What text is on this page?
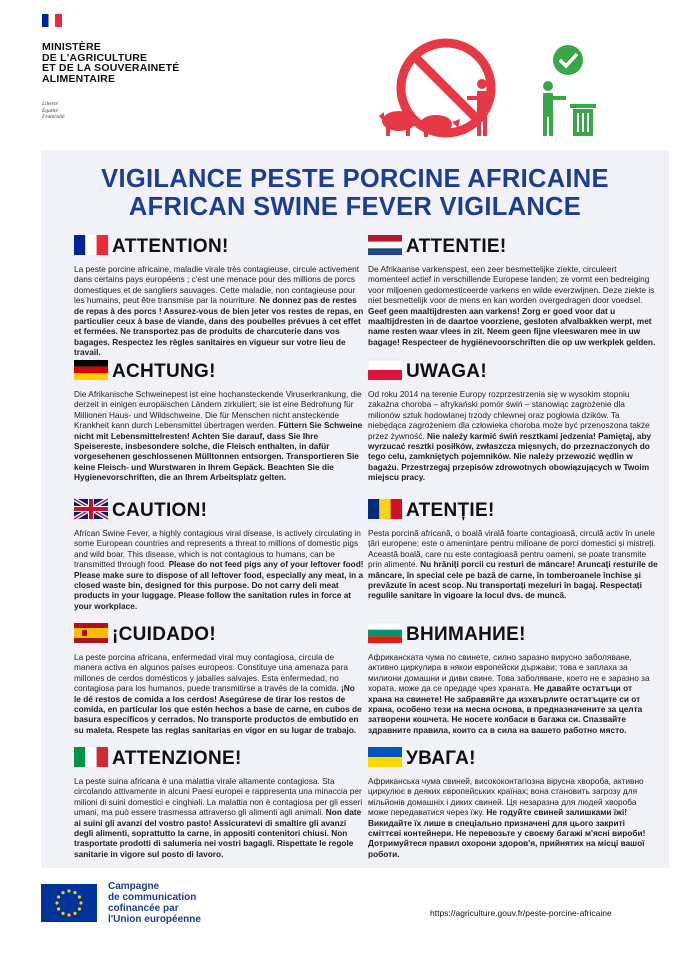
MINISTÈRE
DE L'AGRICULTURE
ET DE LA SOUVERAINETÉ
ALIMENTAIRE
Liberté
Égalité
Fraternité
VIGILANCE PESTE PORCINE AFRICAINE
AFRICAN SWINE FEVER VIGILANCE
ATTENTION!
La peste porcine africaine, maladie virale très contagieuse, circule activement dans certains pays européens ; c'est une menace pour des millions de porcs domestiques et de sangliers sauvages. Cette maladie, non contagieuse pour les humains, peut être transmise par la nourriture. Ne donnez pas de restes de repas à des porcs ! Assurez-vous de bien jeter vos restes de repas, en particulier ceux à base de viande, dans des poubelles prévues à cet effet et fermées. Ne transportez pas de produits de charcuterie dans vos bagages. Respectez les règles sanitaires en vigueur sur votre lieu de travail.
ATTENTIE!
De Afrikaanse varkenspest, een zeer besmettelijke ziekte, circuleert momenteel actief in verschillende Europese landen; ze vormt een bedreiging voor miljoenen gedomesticeerde varkens en wilde everzwijnen. Deze ziekte is niet besmettelijk voor de mens en kan worden overgedragen door voedsel. Geef geen maaltijdresten aan varkens! Zorg er goed voor dat u maaltijdresten in de daartoe voorziene, gesloten afvalbakken werpt, met name resten waar vlees in zit. Neem geen fijne vleeswaren mee in uw bagage! Respecteer de hygiënevoorschriften die op uw werkplek gelden.
ACHTUNG!
Die Afrikanische Schweinepest ist eine hochansteckende Viruserkrankung, die derzeit in einigen europäischen Ländern zirkuliert; sie ist eine Bedrohung für Millionen Haus- und Wildschweine. Die für Menschen nicht ansteckende Krankheit kann durch Lebensmittel übertragen werden. Füttern Sie Schweine nicht mit Lebensmittelresten! Achten Sie darauf, dass Sie Ihre Speisereste, insbesondere solche, die Fleisch enthalten, in dafür vorgesehenen geschlossenen Mülltonnen entsorgen. Transportieren Sie keine Fleisch- und Wurstwaren in Ihrem Gepäck. Beachten Sie die Hygienevorschriften, die an Ihrem Arbeitsplatz gelten.
UWAGA!
Od roku 2014 na terenie Europy rozprzestrzenia się w wysokim stopniu zakaźna choroba – afrykański pomór świń – stanowiąc zagrożenie dla milionów sztuk hodowlanej trzody chlewnej oraz pogłowia dzików. Ta niebędąca zagrożeniem dla człowieka choroba może być przenoszona także przez żywność. Nie należy karmić świń resztkami jedzenia! Pamiętaj, aby wyrzucać resztki posiłków, zwłaszcza mięsnych, do przeznaczonych do tego celu, zamkniętych pojemników. Nie należy przewozić wędlin w bagażu. Przestrzegaj przepisów zdrowotnych obowiązujących w Twoim miejscu pracy.
CAUTION!
African Swine Fever, a highly contagious viral disease, is actively circulating in some European countries and represents a threat to millions of domestic pigs and wild boar. This disease, which is not contagious to humans, can be transmitted through food. Please do not feed pigs any of your leftover food! Please make sure to dispose of all leftover food, especially any meat, in a closed waste bin, designed for this purpose. Do not carry deli meat products in your luggage. Please follow the sanitation rules in force at your workplace.
ATENȚIE!
Pesta porcină africană, o boală virală foarte contagioasă, circulă activ în unele țări europene; este o amenințare pentru milioane de porci domestici și mistreți. Această boală, care nu este contagioasă pentru oameni, se poate transmite prin alimente. Nu hrăniți porcii cu resturi de mâncare! Aruncați resturile de mâncare, în special cele pe bază de carne, în tomberoanele închise și prevăzute în acest scop. Nu transportați mezeluri în bagaj. Respectați regulile sanitare în vigoare la locul dvs. de muncă.
¡CUIDADO!
La peste porcina africana, enfermedad viral muy contagiosa, circula de manera activa en algunos países europeos. Constituye una amenaza para millones de cerdos domésticos y jabalíes salvajes. Esta enfermedad, no contagiosa para los humanos, puede transmitirse a través de la comida. ¡No le dé restos de comida a los cerdos! Asegúrese de tirar los restos de comida, en particular los que estén hechos a base de carne, en cubos de basura específicos y cerrados. No transporte productos de embutido en su maleta. Respete las reglas sanitarias en vigor en su lugar de trabajo.
ВНИМАНИЕ!
Африканската чума по свинете, силно заразно вирусно заболяване, активно циркулира в някои европейски държави; това е заплаха за милиони домашни и диви свине. Това заболяване, което не е заразно за хората, може да се предаде чрез храната. Не давайте остатъци от храна на свинете! Не забравяйте да изхвърлите остатъците си от храна, особено тези на месна основа, в предназначените за целта затворени кошчета. Не носете колбаси в багажа си. Спазвайте здравните правила, които са в сила на вашето работно място.
ATTENZIONE!
La peste suina africana è una malattia virale altamente contagiosa. Sta circolando attivamente in alcuni Paesi europei e rappresenta una minaccia per milioni di suini domestici e cinghiali. La malattia non è contagiosa per gli esseri umani, ma può essere trasmessa attraverso gli alimenti agli animali. Non date ai suini gli avanzi del vostro pasto! Assicuratevi di smaltire gli avanzi degli alimenti, soprattutto la carne, in appositi contenitori chiusi. Non trasportate prodotti di salumeria nei vostri bagagli. Rispettate le regole sanitarie in vigore sul posto di lavoro.
УВАГА!
Африканська чума свиней, висококонтагіозна вірусна хвороба, активно циркулює в деяких європейських країнах; вона становить загрозу для мільйонів домашніх і диких свиней. Ця незаразна для людей хвороба може передаватися через їжу. Не годуйте свиней залишками їжі! Викидайте їх лише в спеціально призначені для цього закриті сміттєві контейнери. Не перевозьте у своєму багажі м'ясні вироби! Дотримуйтеся правил охорони здоров'я, прийнятих на місці вашої роботи.
Campagne
de communication
cofinancée par
l'Union européenne
https://agriculture.gouv.fr/peste-porcine-africaine
